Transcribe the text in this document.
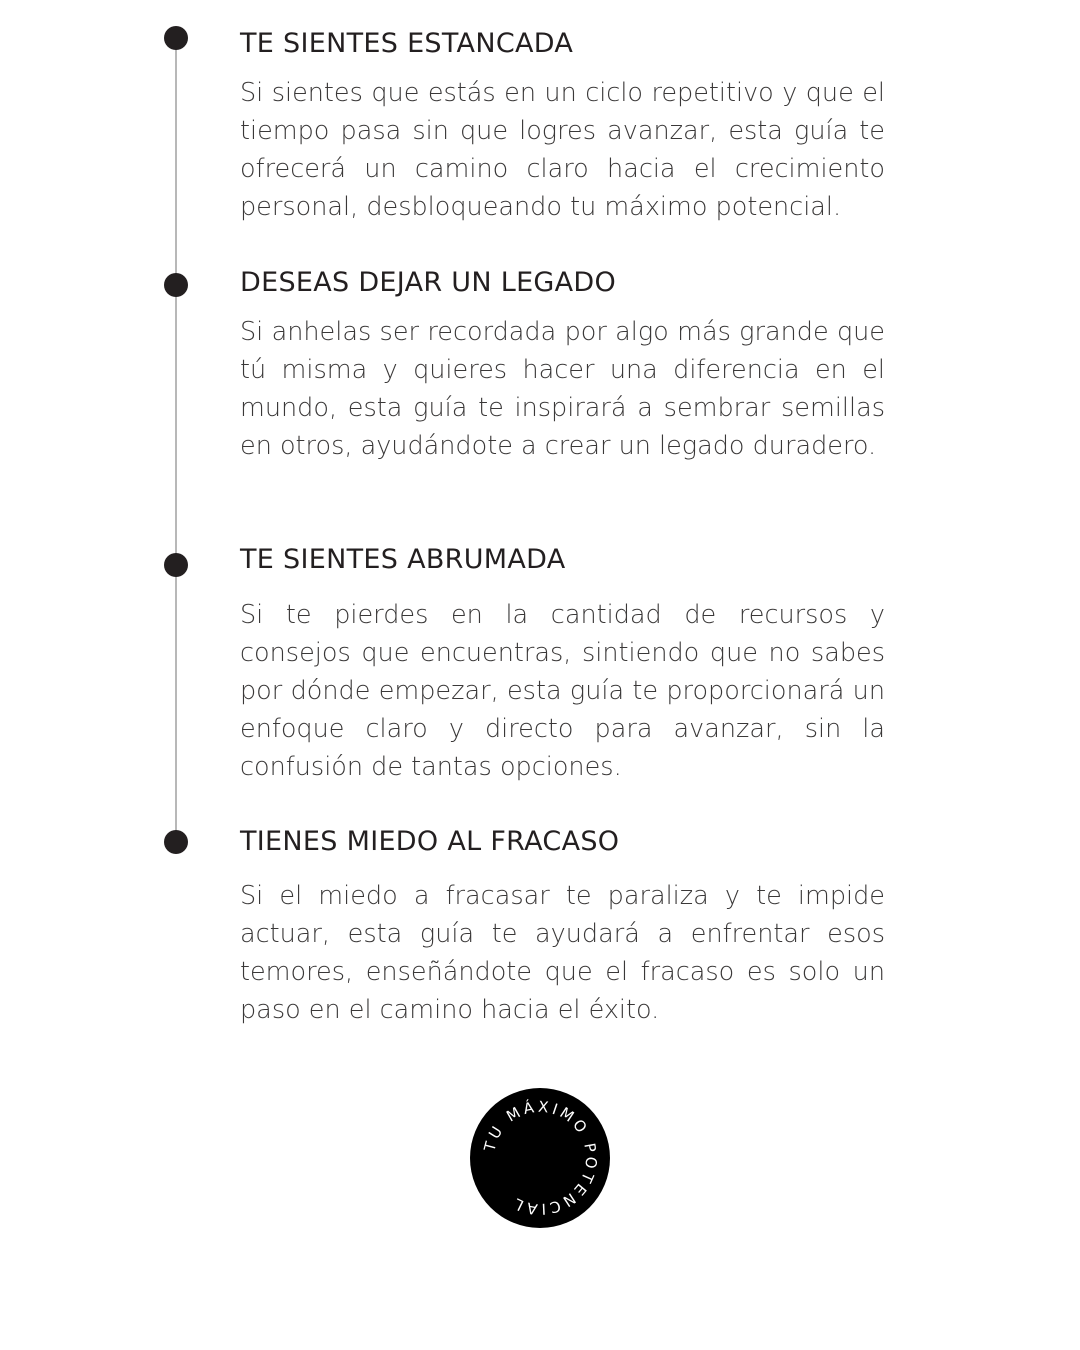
TE SIENTES ESTANCADA

Si sientes que estás en un ciclo repetitivo y que el tiempo pasa sin que logres avanzar, esta guía te ofrecerá un camino claro hacia el crecimiento personal, desbloqueando tu máximo potencial.

DESEAS DEJAR UN LEGADO

Si anhelas ser recordada por algo más grande que tú misma y quieres hacer una diferencia en el mundo, esta guía te inspirará a sembrar semillas en otros, ayudándote a crear un legado duradero.

TE SIENTES ABRUMADA

Si te pierdes en la cantidad de recursos y consejos que encuentras, sintiendo que no sabes por dónde empezar, esta guía te proporcionará un enfoque claro y directo para avanzar, sin la confusión de tantas opciones.

TIENES MIEDO AL FRACASO

Si el miedo a fracasar te paraliza y te impide actuar, esta guía te ayudará a enfrentar esos temores, enseñándote que el fracaso es solo un paso en el camino hacia el éxito.

TU MÁXIMO POTENCIAL
